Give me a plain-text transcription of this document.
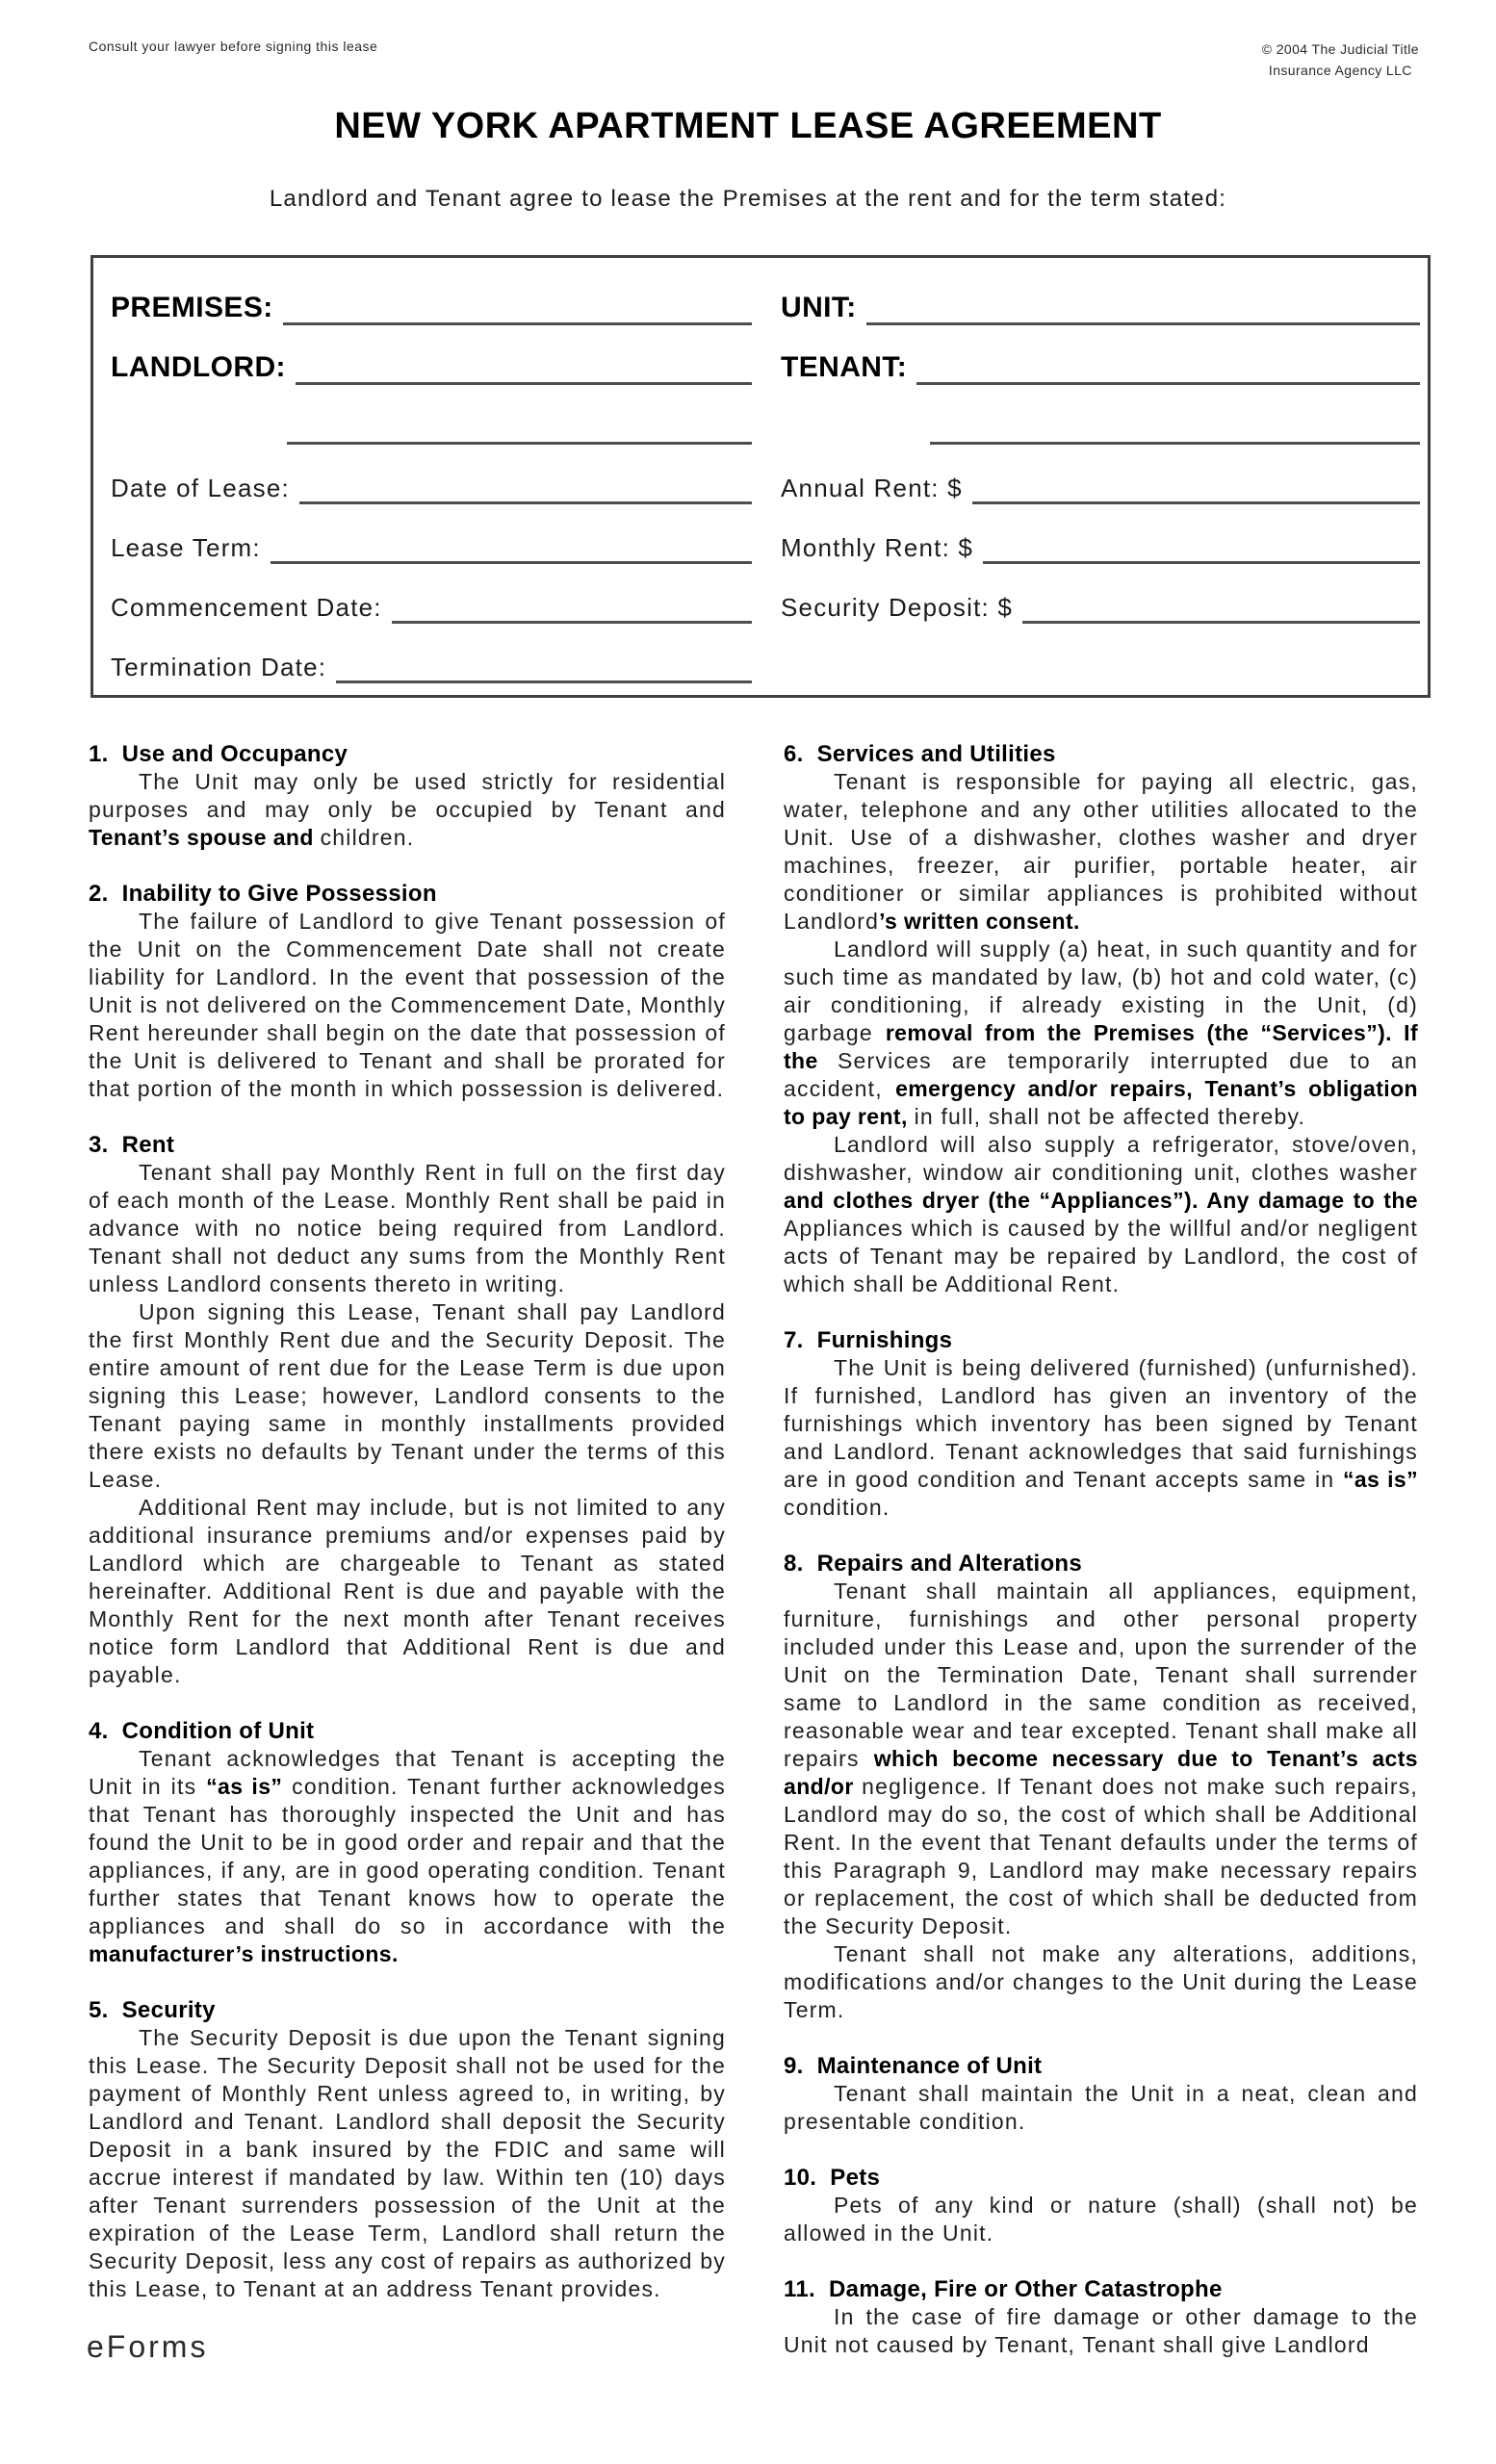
Consult your lawyer before signing this lease	© 2004 The Judicial Title
Insurance Agency LLC
NEW YORK APARTMENT LEASE AGREEMENT

Landlord and Tenant agree to lease the Premises at the rent and for the term stated:

PREMISES:
LANDLORD:
Date of Lease:
Lease Term:
Commencement Date:
Termination Date:
UNIT:
TENANT:
Annual Rent: $
Monthly Rent: $
Security Deposit: $
1. Use and Occupancy

The Unit may only be used strictly for residential purposes and may only be occupied by Tenant and Tenant’s spouse and children.

2. Inability to Give Possession

The failure of Landlord to give Tenant possession of the Unit on the Commencement Date shall not create liability for Landlord. In the event that possession of the Unit is not delivered on the Commencement Date, Monthly Rent hereunder shall begin on the date that possession of the Unit is delivered to Tenant and shall be prorated for that portion of the month in which possession is delivered.

3. Rent

Tenant shall pay Monthly Rent in full on the first day of each month of the Lease. Monthly Rent shall be paid in advance with no notice being required from Landlord. Tenant shall not deduct any sums from the Monthly Rent unless Landlord consents thereto in writing.

Upon signing this Lease, Tenant shall pay Landlord the first Monthly Rent due and the Security Deposit. The entire amount of rent due for the Lease Term is due upon signing this Lease; however, Landlord consents to the Tenant paying same in monthly installments provided there exists no defaults by Tenant under the terms of this Lease.

Additional Rent may include, but is not limited to any additional insurance premiums and/or expenses paid by Landlord which are chargeable to Tenant as stated hereinafter. Additional Rent is due and payable with the Monthly Rent for the next month after Tenant receives notice form Landlord that Additional Rent is due and payable.

4. Condition of Unit

Tenant acknowledges that Tenant is accepting the Unit in its “as is” condition. Tenant further acknowledges that Tenant has thoroughly inspected the Unit and has found the Unit to be in good order and repair and that the appliances, if any, are in good operating condition. Tenant further states that Tenant knows how to operate the appliances and shall do so in accordance with the manufacturer’s instructions.

5. Security

The Security Deposit is due upon the Tenant signing this Lease. The Security Deposit shall not be used for the payment of Monthly Rent unless agreed to, in writing, by Landlord and Tenant. Landlord shall deposit the Security Deposit in a bank insured by the FDIC and same will accrue interest if mandated by law. Within ten (10) days after Tenant surrenders possession of the Unit at the expiration of the Lease Term, Landlord shall return the Security Deposit, less any cost of repairs as authorized by this Lease, to Tenant at an address Tenant provides.

6. Services and Utilities

Tenant is responsible for paying all electric, gas, water, telephone and any other utilities allocated to the Unit. Use of a dishwasher, clothes washer and dryer machines, freezer, air purifier, portable heater, air conditioner or similar appliances is prohibited without Landlord’s written consent.

Landlord will supply (a) heat, in such quantity and for such time as mandated by law, (b) hot and cold water, (c) air conditioning, if already existing in the Unit, (d) garbage removal from the Premises (the “Services”). If the Services are temporarily interrupted due to an accident, emergency and/or repairs, Tenant’s obligation to pay rent, in full, shall not be affected thereby.

Landlord will also supply a refrigerator, stove/oven, dishwasher, window air conditioning unit, clothes washer and clothes dryer (the “Appliances”). Any damage to the Appliances which is caused by the willful and/or negligent acts of Tenant may be repaired by Landlord, the cost of which shall be Additional Rent.

7. Furnishings

The Unit is being delivered (furnished) (unfurnished). If furnished, Landlord has given an inventory of the furnishings which inventory has been signed by Tenant and Landlord. Tenant acknowledges that said furnishings are in good condition and Tenant accepts same in “as is” condition.

8. Repairs and Alterations

Tenant shall maintain all appliances, equipment, furniture, furnishings and other personal property included under this Lease and, upon the surrender of the Unit on the Termination Date, Tenant shall surrender same to Landlord in the same condition as received, reasonable wear and tear excepted. Tenant shall make all repairs which become necessary due to Tenant’s acts and/or negligence. If Tenant does not make such repairs, Landlord may do so, the cost of which shall be Additional Rent. In the event that Tenant defaults under the terms of this Paragraph 9, Landlord may make necessary repairs or replacement, the cost of which shall be deducted from the Security Deposit.

Tenant shall not make any alterations, additions, modifications and/or changes to the Unit during the Lease Term.

9. Maintenance of Unit

Tenant shall maintain the Unit in a neat, clean and presentable condition.

10. Pets

Pets of any kind or nature (shall) (shall not) be allowed in the Unit.

11. Damage, Fire or Other Catastrophe

In the case of fire damage or other damage to the Unit not caused by Tenant, Tenant shall give Landlord

eForms
